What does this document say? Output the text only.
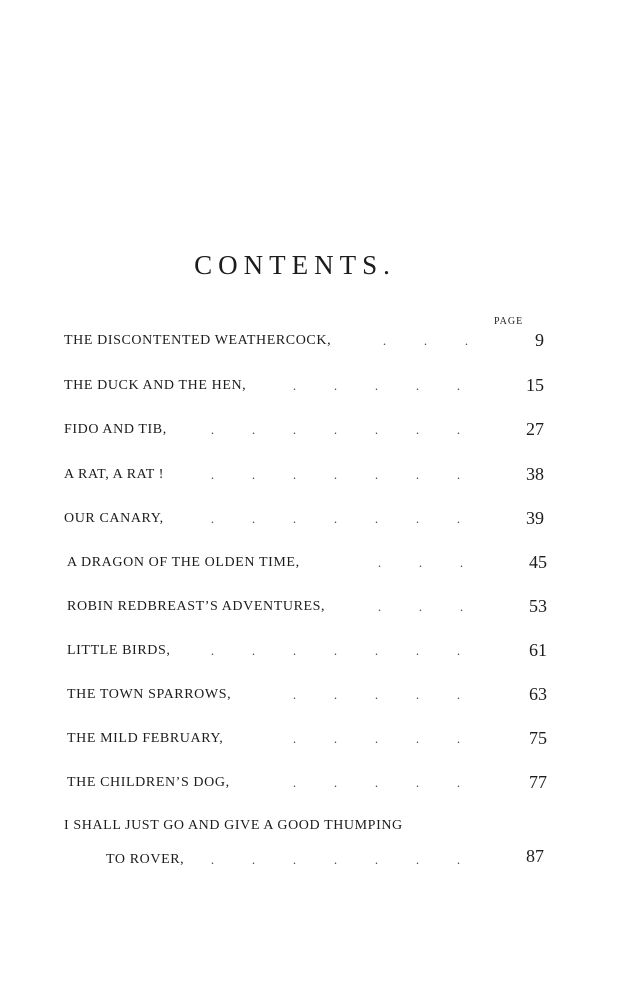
CONTENTS.
PAGE
THE DISCONTENTED WEATHERCOCK,	.	.	.	9
THE DUCK AND THE HEN,	.	.	.	.	.	15
FIDO AND TIB,	.	.	.	.	.	.	.	27
A RAT, A RAT !	.	.	.	.	.	.	.	38
OUR CANARY,	.	.	.	.	.	.	.	39
A DRAGON OF THE OLDEN TIME,	.	.	.	45
ROBIN REDBREAST’S ADVENTURES,	.	.	.	53
LITTLE BIRDS,	.	.	.	.	.	.	.	61
THE TOWN SPARROWS,	.	.	.	.	.	63
THE MILD FEBRUARY,	.	.	.	.	.	75
THE CHILDREN’S DOG,	.	.	.	.	.	77
I SHALL JUST GO AND GIVE A GOOD THUMPING
TO ROVER,	.	.	.	.	.	.	.	87
